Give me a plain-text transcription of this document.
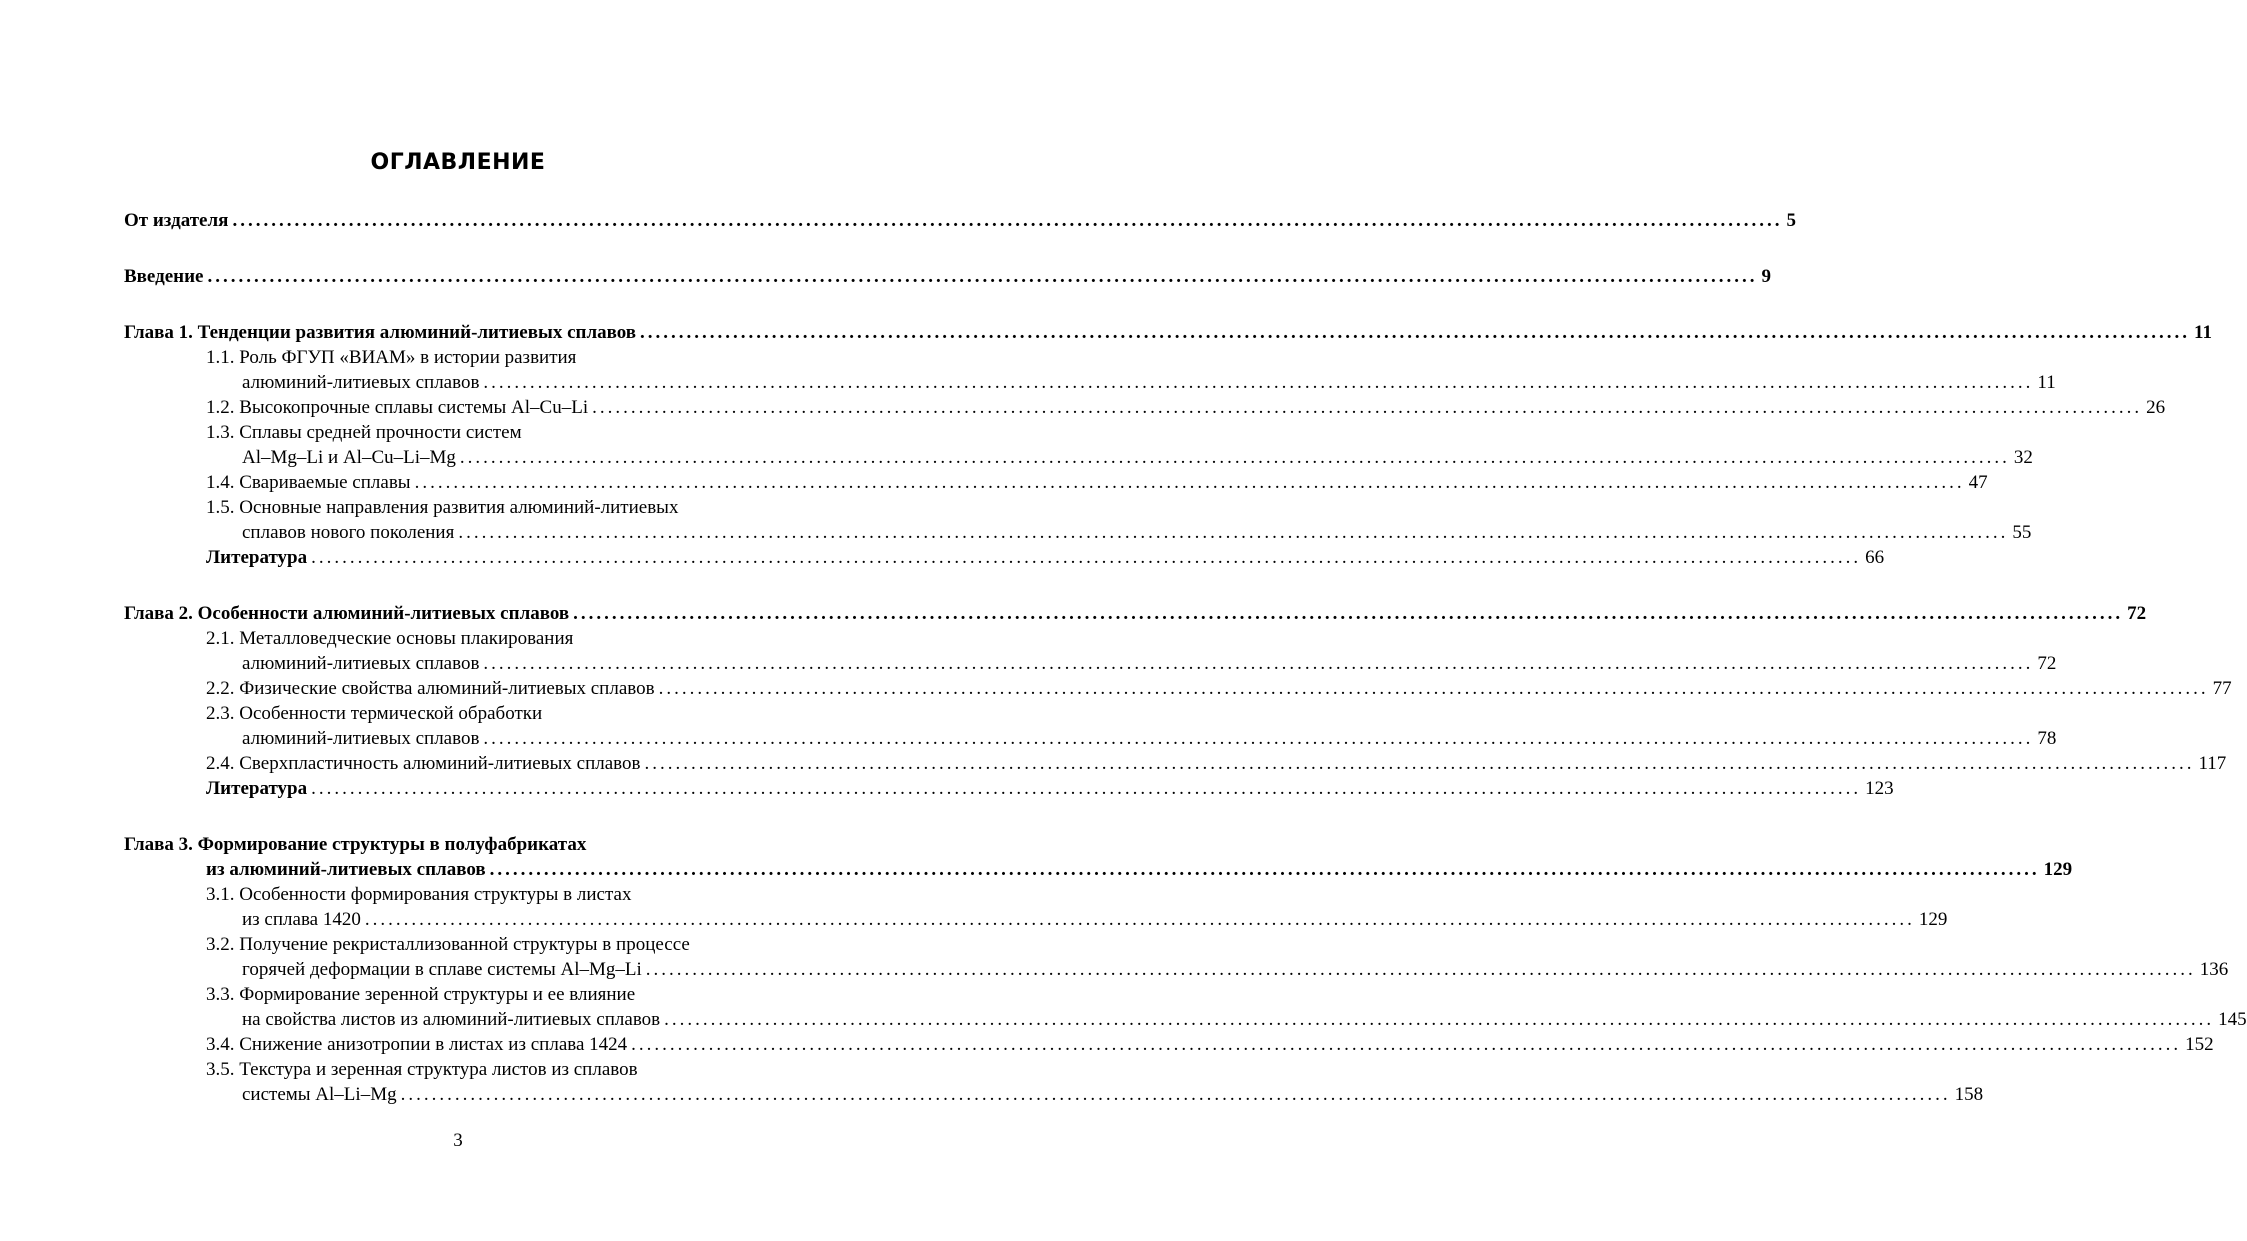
ОГЛАВЛЕНИЕ
От издателя ........................................................................................................................................................................................................ 5
Введение ........................................................................................................................................................................................................ 9
Глава 1. Тенденции развития алюминий-литиевых сплавов ........................................................................................................................................................................................................ 11
1.1. Роль ФГУП «ВИАМ» в истории развития
алюминий-литиевых сплавов ........................................................................................................................................................................................................ 11
1.2. Высокопрочные сплавы системы Al–Cu–Li ........................................................................................................................................................................................................ 26
1.3. Сплавы средней прочности систем
Al–Mg–Li и Al–Cu–Li–Mg ........................................................................................................................................................................................................ 32
1.4. Свариваемые сплавы ........................................................................................................................................................................................................ 47
1.5. Основные направления развития алюминий-литиевых
сплавов нового поколения ........................................................................................................................................................................................................ 55
Литература ........................................................................................................................................................................................................ 66
Глава 2. Особенности алюминий-литиевых сплавов ........................................................................................................................................................................................................ 72
2.1. Металловедческие основы плакирования
алюминий-литиевых сплавов ........................................................................................................................................................................................................ 72
2.2. Физические свойства алюминий-литиевых сплавов ........................................................................................................................................................................................................ 77
2.3. Особенности термической обработки
алюминий-литиевых сплавов ........................................................................................................................................................................................................ 78
2.4. Сверхпластичность алюминий-литиевых сплавов ........................................................................................................................................................................................................ 117
Литература ........................................................................................................................................................................................................ 123
Глава 3. Формирование структуры в полуфабрикатах
из алюминий-литиевых сплавов ........................................................................................................................................................................................................ 129
3.1. Особенности формирования структуры в листах
из сплава 1420 ........................................................................................................................................................................................................ 129
3.2. Получение рекристаллизованной структуры в процессе
горячей деформации в сплаве системы Al–Mg–Li ........................................................................................................................................................................................................ 136
3.3. Формирование зеренной структуры и ее влияние
на свойства листов из алюминий-литиевых сплавов ........................................................................................................................................................................................................ 145
3.4. Снижение анизотропии в листах из сплава 1424 ........................................................................................................................................................................................................ 152
3.5. Текстура и зеренная структура листов из сплавов
системы Al–Li–Mg ........................................................................................................................................................................................................ 158
3
